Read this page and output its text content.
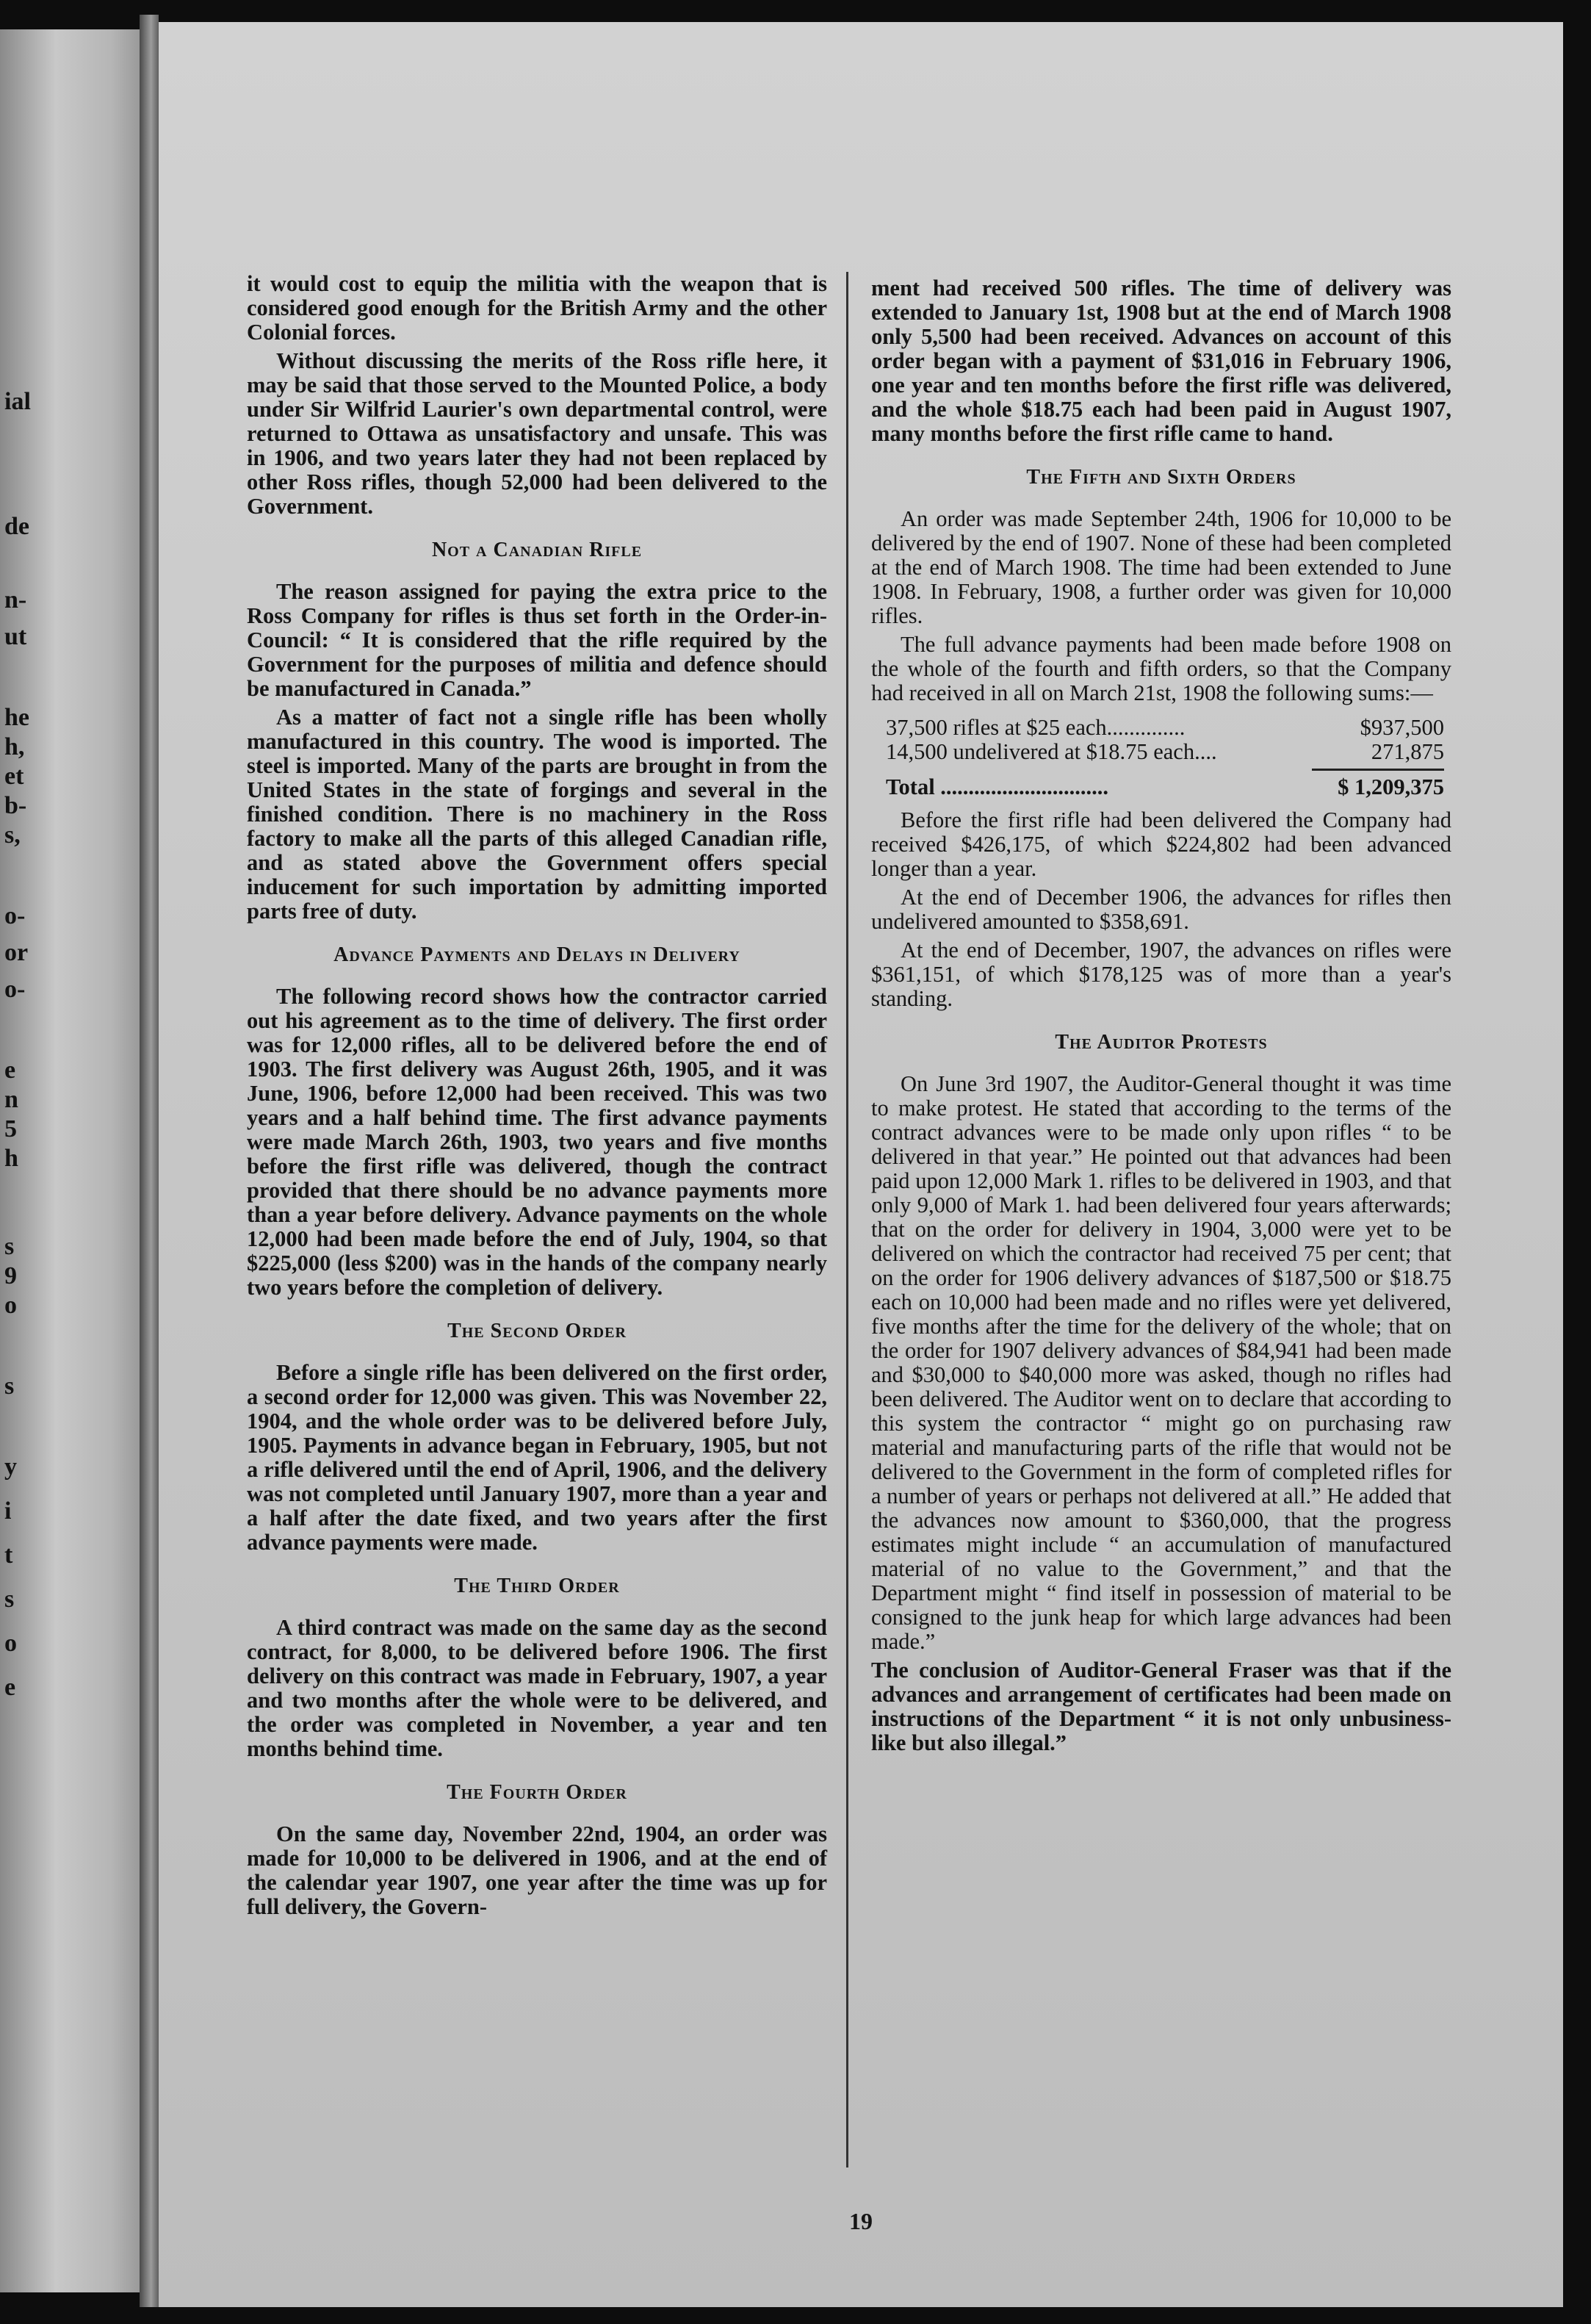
ial
de
n-
ut
he
h,
et
b-
s,
o-
or
o-
e
n
5
h
s
9
o
s
y
i
t
s
o
e

it would cost to equip the militia with the weapon that is considered good enough for the British Army and the other Colonial forces.

Without discussing the merits of the Ross rifle here, it may be said that those served to the Mounted Police, a body under Sir Wilfrid Laurier's own departmental control, were returned to Ottawa as unsatisfactory and unsafe. This was in 1906, and two years later they had not been replaced by other Ross rifles, though 52,000 had been delivered to the Government.

Not a Canadian Rifle

The reason assigned for paying the extra price to the Ross Company for rifles is thus set forth in the Order-in-Council: “ It is considered that the rifle required by the Government for the purposes of militia and defence should be manufactured in Canada.”

As a matter of fact not a single rifle has been wholly manufactured in this country. The wood is imported. The steel is imported. Many of the parts are brought in from the United States in the state of forgings and several in the finished condition. There is no machinery in the Ross factory to make all the parts of this alleged Canadian rifle, and as stated above the Government offers special inducement for such importation by admitting imported parts free of duty.

Advance Payments and Delays in Delivery

The following record shows how the contractor carried out his agreement as to the time of delivery. The first order was for 12,000 rifles, all to be delivered before the end of 1903. The first delivery was August 26th, 1905, and it was June, 1906, before 12,000 had been received. This was two years and a half behind time. The first advance payments were made March 26th, 1903, two years and five months before the first rifle was delivered, though the contract provided that there should be no advance payments more than a year before delivery. Advance payments on the whole 12,000 had been made before the end of July, 1904, so that $225,000 (less $200) was in the hands of the company nearly two years before the completion of delivery.

The Second Order

Before a single rifle has been delivered on the first order, a second order for 12,000 was given. This was November 22, 1904, and the whole order was to be delivered before July, 1905. Payments in advance began in February, 1905, but not a rifle delivered until the end of April, 1906, and the delivery was not completed until January 1907, more than a year and a half after the date fixed, and two years after the first advance payments were made.

The Third Order

A third contract was made on the same day as the second contract, for 8,000, to be delivered before 1906. The first delivery on this contract was made in February, 1907, a year and two months after the whole were to be delivered, and the order was completed in November, a year and ten months behind time.

The Fourth Order

On the same day, November 22nd, 1904, an order was made for 10,000 to be delivered in 1906, and at the end of the calendar year 1907, one year after the time was up for full delivery, the Govern-

ment had received 500 rifles. The time of delivery was extended to January 1st, 1908 but at the end of March 1908 only 5,500 had been received. Advances on account of this order began with a payment of $31,016 in February 1906, one year and ten months before the first rifle was delivered, and the whole $18.75 each had been paid in August 1907, many months before the first rifle came to hand.

The Fifth and Sixth Orders

An order was made September 24th, 1906 for 10,000 to be delivered by the end of 1907. None of these had been completed at the end of March 1908. The time had been extended to June 1908. In February, 1908, a further order was given for 10,000 rifles.

The full advance payments had been made before 1908 on the whole of the fourth and fifth orders, so that the Company had received in all on March 21st, 1908 the following sums:—

37,500 rifles at $25 each..............	$937,500
14,500 undelivered at $18.75 each....	271,875
Total ..............................	$ 1,209,375

Before the first rifle had been delivered the Company had received $426,175, of which $224,802 had been advanced longer than a year.

At the end of December 1906, the advances for rifles then undelivered amounted to $358,691.

At the end of December, 1907, the advances on rifles were $361,151, of which $178,125 was of more than a year's standing.

The Auditor Protests

On June 3rd 1907, the Auditor-General thought it was time to make protest. He stated that according to the terms of the contract advances were to be made only upon rifles “ to be delivered in that year.” He pointed out that advances had been paid upon 12,000 Mark 1. rifles to be delivered in 1903, and that only 9,000 of Mark 1. had been delivered four years afterwards; that on the order for delivery in 1904, 3,000 were yet to be delivered on which the contractor had received 75 per cent; that on the order for 1906 delivery advances of $187,500 or $18.75 each on 10,000 had been made and no rifles were yet delivered, five months after the time for the delivery of the whole; that on the order for 1907 delivery advances of $84,941 had been made and $30,000 to $40,000 more was asked, though no rifles had been delivered. The Auditor went on to declare that according to this system the contractor “ might go on purchasing raw material and manufacturing parts of the rifle that would not be delivered to the Government in the form of completed rifles for a number of years or perhaps not delivered at all.” He added that the advances now amount to $360,000, that the progress estimates might include “ an accumulation of manufactured material of no value to the Government,” and that the Department might “ find itself in possession of material to be consigned to the junk heap for which large advances had been made.”

The conclusion of Auditor-General Fraser was that if the advances and arrangement of certificates had been made on instructions of the Department “ it is not only unbusiness-like but also illegal.”

19
